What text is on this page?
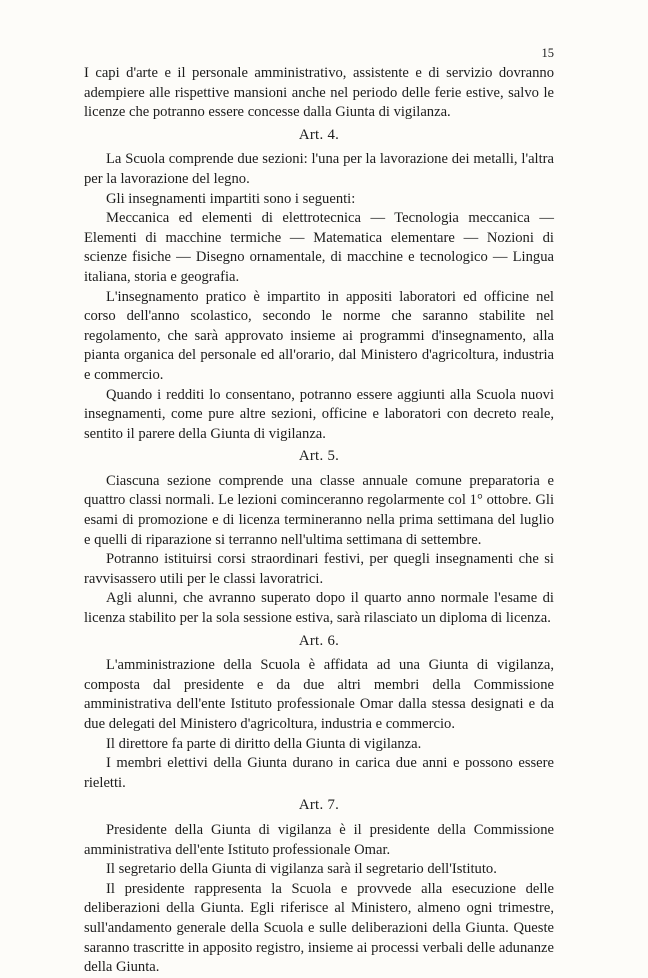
15

I capi d'arte e il personale amministrativo, assistente e di servizio dovranno adempiere alle rispettive mansioni anche nel periodo delle ferie estive, salvo le licenze che potranno essere concesse dalla Giunta di vigilanza.

Art. 4.

La Scuola comprende due sezioni: l'una per la lavorazione dei metalli, l'altra per la lavorazione del legno.

Gli insegnamenti impartiti sono i seguenti:

Meccanica ed elementi di elettrotecnica — Tecnologia meccanica — Elementi di macchine termiche — Matematica elementare — Nozioni di scienze fisiche — Disegno ornamentale, di macchine e tecnologico — Lingua italiana, storia e geografia.

L'insegnamento pratico è impartito in appositi laboratori ed officine nel corso dell'anno scolastico, secondo le norme che saranno stabilite nel regolamento, che sarà approvato insieme ai programmi d'insegnamento, alla pianta organica del personale ed all'orario, dal Ministero d'agricoltura, industria e commercio.

Quando i redditi lo consentano, potranno essere aggiunti alla Scuola nuovi insegnamenti, come pure altre sezioni, officine e laboratori con decreto reale, sentito il parere della Giunta di vigilanza.

Art. 5.

Ciascuna sezione comprende una classe annuale comune preparatoria e quattro classi normali. Le lezioni cominceranno regolarmente col 1° ottobre. Gli esami di promozione e di licenza termineranno nella prima settimana del luglio e quelli di riparazione si terranno nell'ultima settimana di settembre.

Potranno istituirsi corsi straordinari festivi, per quegli insegnamenti che si ravvisassero utili per le classi lavoratrici.

Agli alunni, che avranno superato dopo il quarto anno normale l'esame di licenza stabilito per la sola sessione estiva, sarà rilasciato un diploma di licenza.

Art. 6.

L'amministrazione della Scuola è affidata ad una Giunta di vigilanza, composta dal presidente e da due altri membri della Commissione amministrativa dell'ente Istituto professionale Omar dalla stessa designati e da due delegati del Ministero d'agricoltura, industria e commercio.

Il direttore fa parte di diritto della Giunta di vigilanza.

I membri elettivi della Giunta durano in carica due anni e possono essere rieletti.

Art. 7.

Presidente della Giunta di vigilanza è il presidente della Commissione amministrativa dell'ente Istituto professionale Omar.

Il segretario della Giunta di vigilanza sarà il segretario dell'Istituto.

Il presidente rappresenta la Scuola e provvede alla esecuzione delle deliberazioni della Giunta. Egli riferisce al Ministero, almeno ogni trimestre, sull'andamento generale della Scuola e sulle deliberazioni della Giunta. Queste saranno trascritte in apposito registro, insieme ai processi verbali delle adunanze della Giunta.
